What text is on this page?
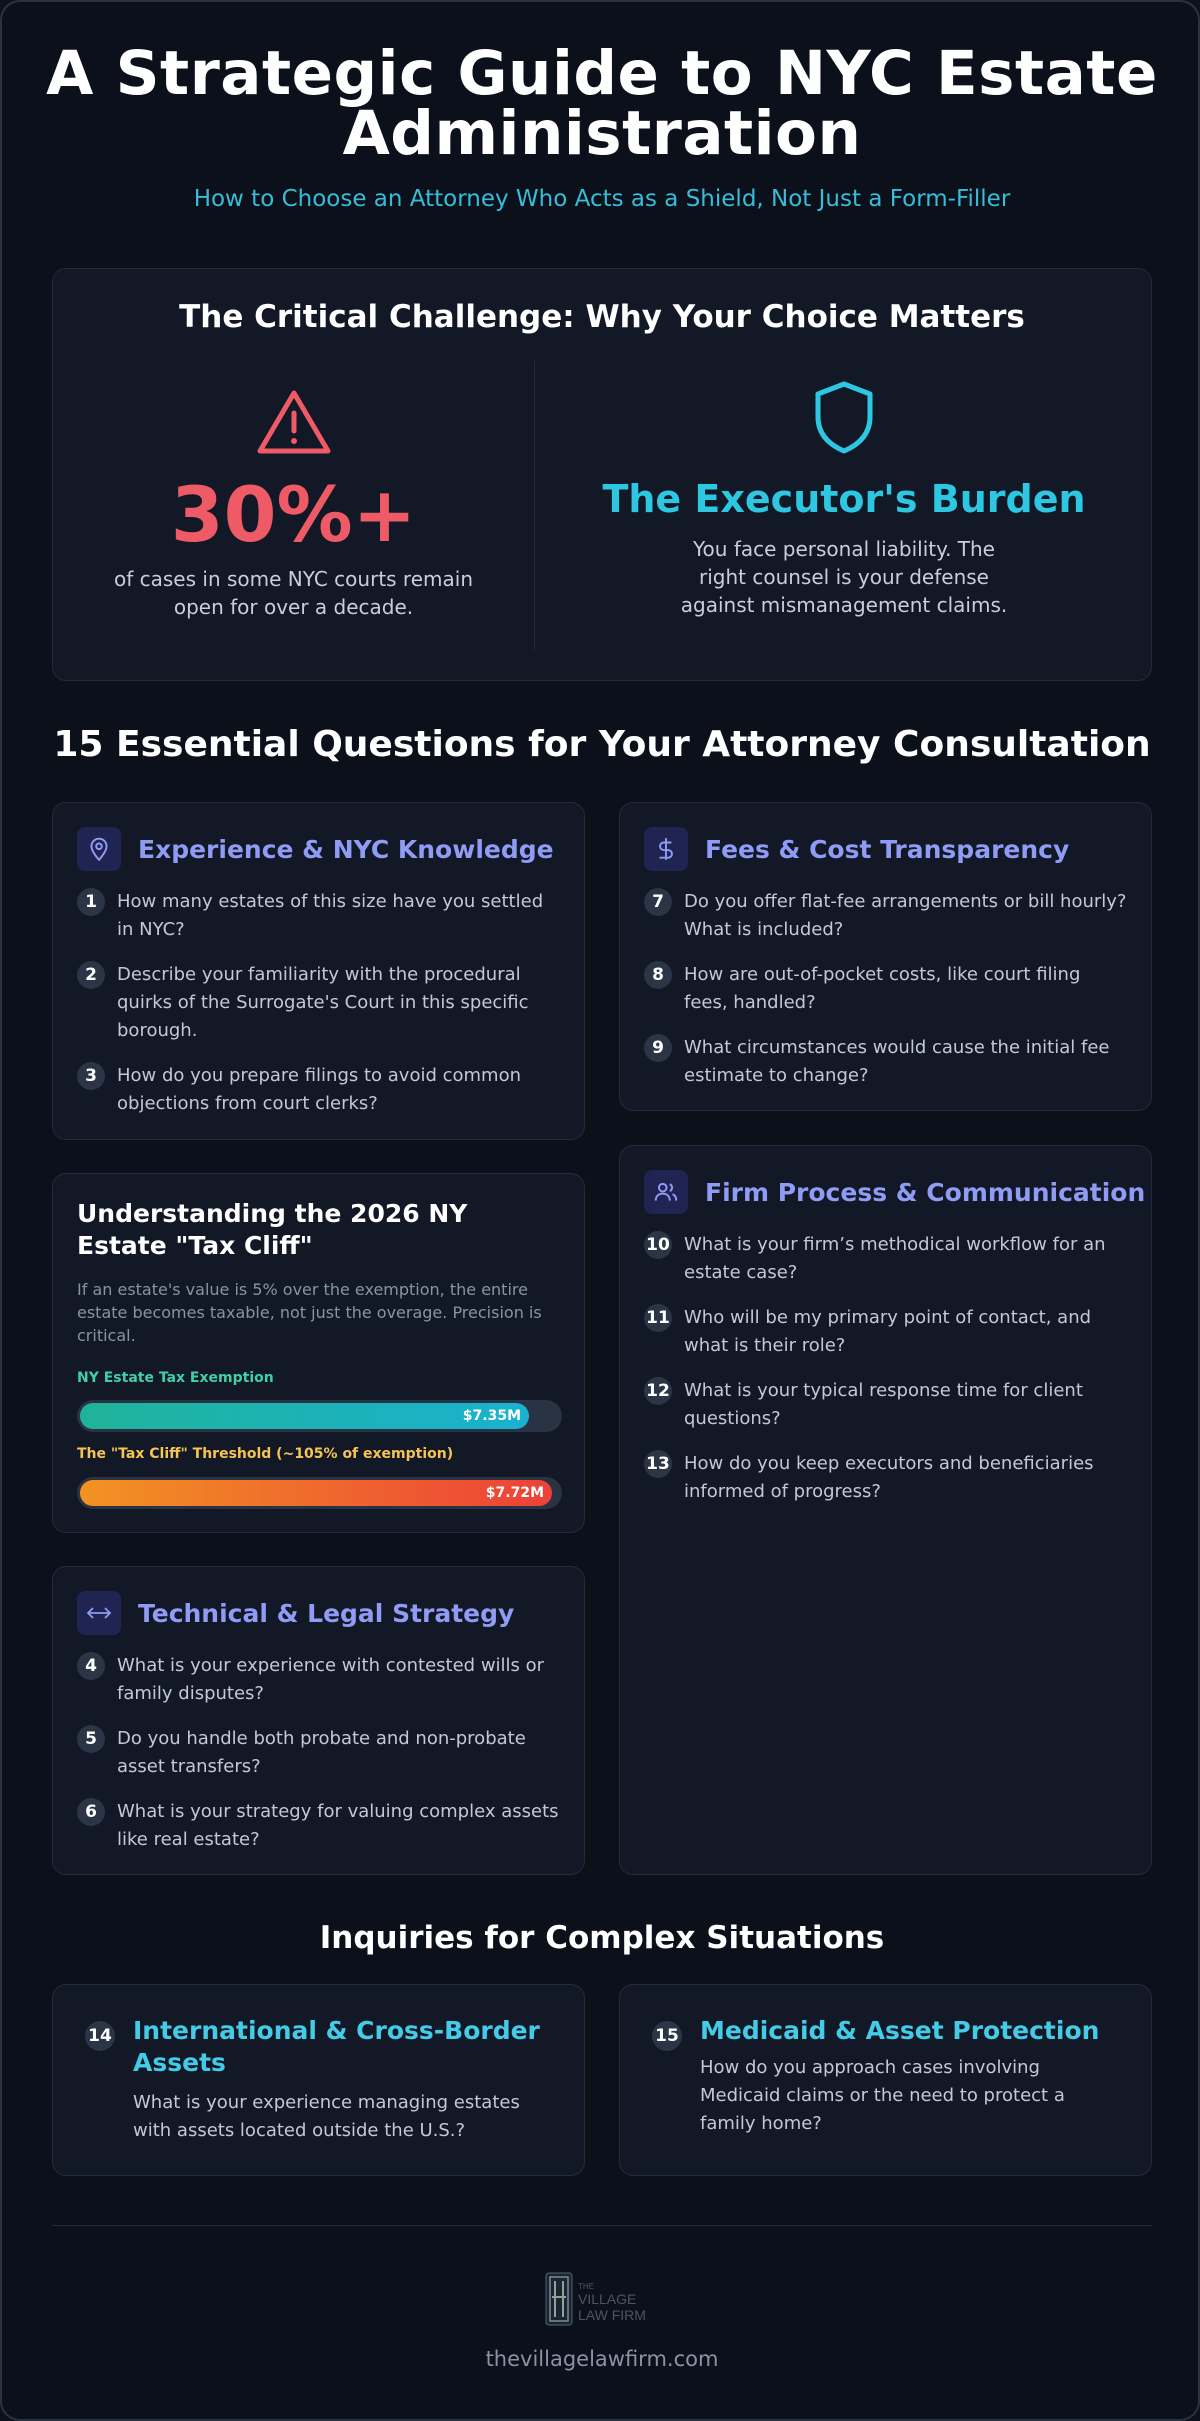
A Strategic Guide to NYC Estate Administration
How to Choose an Attorney Who Acts as a Shield, Not Just a Form-Filler
The Critical Challenge: Why Your Choice Matters
30%+
of cases in some NYC courts remain open for over a decade.
The Executor's Burden
You face personal liability. The right counsel is your defense against mismanagement claims.
15 Essential Questions for Your Attorney Consultation
Experience & NYC Knowledge
1	How many estates of this size have you settled in NYC?
2	Describe your familiarity with the procedural quirks of the Surrogate's Court in this specific borough.
3	How do you prepare filings to avoid common objections from court clerks?
Fees & Cost Transparency
7	Do you offer flat-fee arrangements or bill hourly? What is included?
8	How are out-of-pocket costs, like court filing fees, handled?
9	What circumstances would cause the initial fee estimate to change?
Understanding the 2026 NY Estate "Tax Cliff"
If an estate's value is 5% over the exemption, the entire estate becomes taxable, not just the overage. Precision is critical.
NY Estate Tax Exemption
$7.35M
The "Tax Cliff" Threshold (~105% of exemption)
$7.72M
Firm Process & Communication
10 What is your firm’s methodical workflow for an estate case?
11 Who will be my primary point of contact, and what is their role?
12 What is your typical response time for client questions?
13 How do you keep executors and beneficiaries informed of progress?
Technical & Legal Strategy
4	What is your experience with contested wills or family disputes?
5	Do you handle both probate and non-probate asset transfers?
6	What is your strategy for valuing complex assets like real estate?
Inquiries for Complex Situations
14 International & Cross-Border Assets
What is your experience managing estates with assets located outside the U.S.?
15 Medicaid & Asset Protection
How do you approach cases involving Medicaid claims or the need to protect a family home?
THE
VILLAGE
LAW FIRM
thevillagelawfirm.com
